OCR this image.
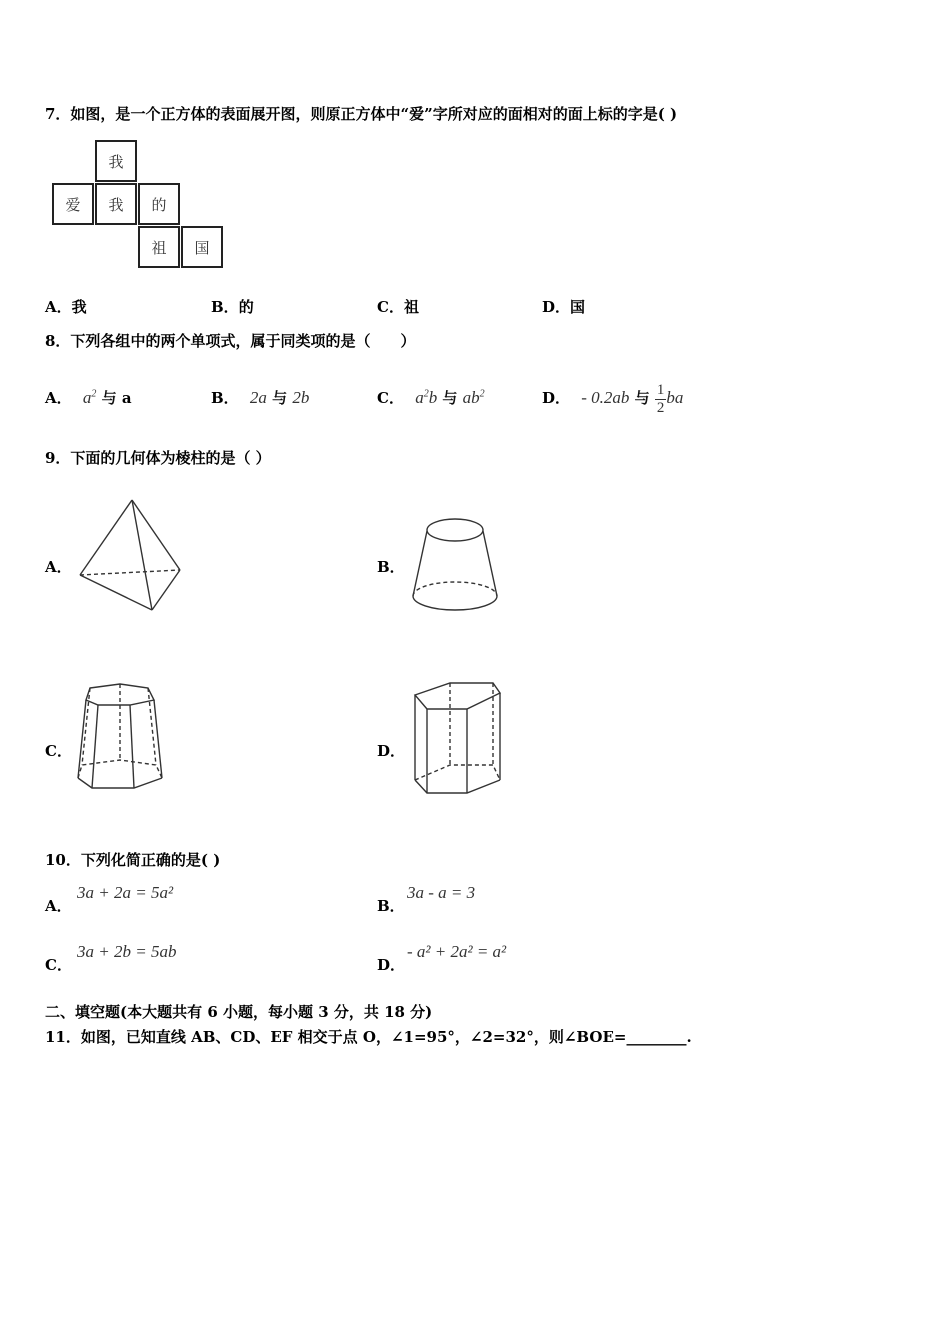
7．如图，是一个正方体的表面展开图，则原正方体中“爱”字所对应的面相对的面上标的字是( )
我
爱	我	的
祖	国
A．我	B．的	C．祖	D．国
8．下列各组中的两个单项式，属于同类项的是（　　）
A． $a^2$ 与 a	B． 2a 与 2b	C． $a^2b$ 与 $ab^2$	D． - 0.2ab 与 $\frac{1}{2}$ ba
9．下面的几何体为棱柱的是（ ）
A．	B．
C．	D．
10．下列化简正确的是( )
A．
3a + 2a = 5a²
B．
3a - a = 3
C．
3a + 2b = 5ab
D．
- a² + 2a² = a²
二、填空题(本大题共有 6 小题，每小题 3 分，共 18 分)
11．如图，已知直线 AB、CD、EF 相交于点 O，∠1=95°，∠2=32°，则∠BOE=________.
